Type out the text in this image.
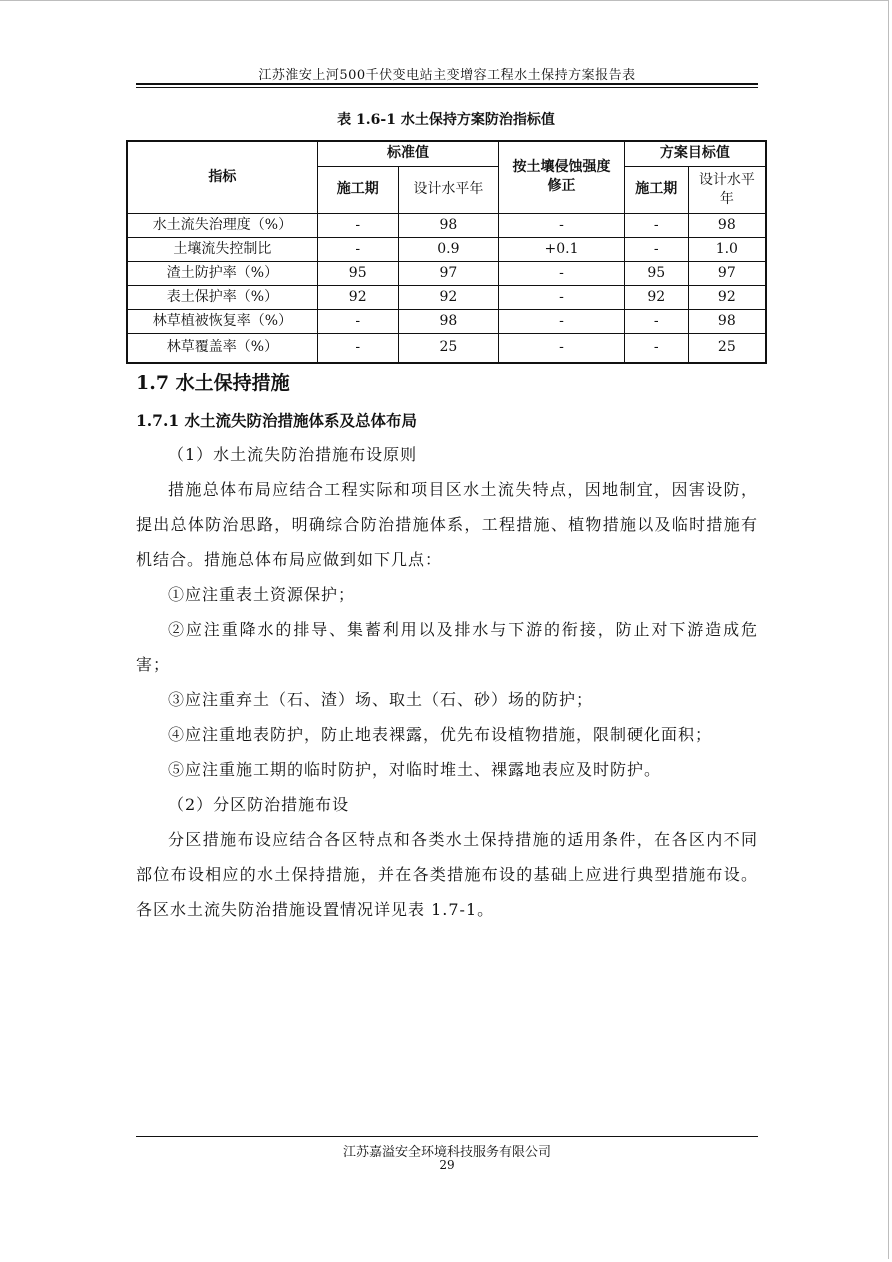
江苏淮安上河500千伏变电站主变增容工程水土保持方案报告表
表 1.6-1 水土保持方案防治指标值
指标	标准值		按土壤侵蚀强度修正	方案目标值	
	施工期	设计水平年		施工期	设计水平年
水土流失治理度（%）	-	98	-	-	98
土壤流失控制比	-	0.9	+0.1	-	1.0
渣土防护率（%）	95	97	-	95	97
表土保护率（%）	92	92	-	92	92
林草植被恢复率（%）	-	98	-	-	98
林草覆盖率（%）	-	25	-	-	25
1.7 水土保持措施
1.7.1 水土流失防治措施体系及总体布局

（1）水土流失防治措施布设原则

措施总体布局应结合工程实际和项目区水土流失特点，因地制宜，因害设防，提出总体防治思路，明确综合防治措施体系，工程措施、植物措施以及临时措施有机结合。措施总体布局应做到如下几点：

①应注重表土资源保护；

②应注重降水的排导、集蓄利用以及排水与下游的衔接，防止对下游造成危害；

③应注重弃土（石、渣）场、取土（石、砂）场的防护；

④应注重地表防护，防止地表裸露，优先布设植物措施，限制硬化面积；

⑤应注重施工期的临时防护，对临时堆土、裸露地表应及时防护。

（2）分区防治措施布设

分区措施布设应结合各区特点和各类水土保持措施的适用条件，在各区内不同部位布设相应的水土保持措施，并在各类措施布设的基础上应进行典型措施布设。各区水土流失防治措施设置情况详见表 1.7-1。

江苏嘉溢安全环境科技服务有限公司
29
